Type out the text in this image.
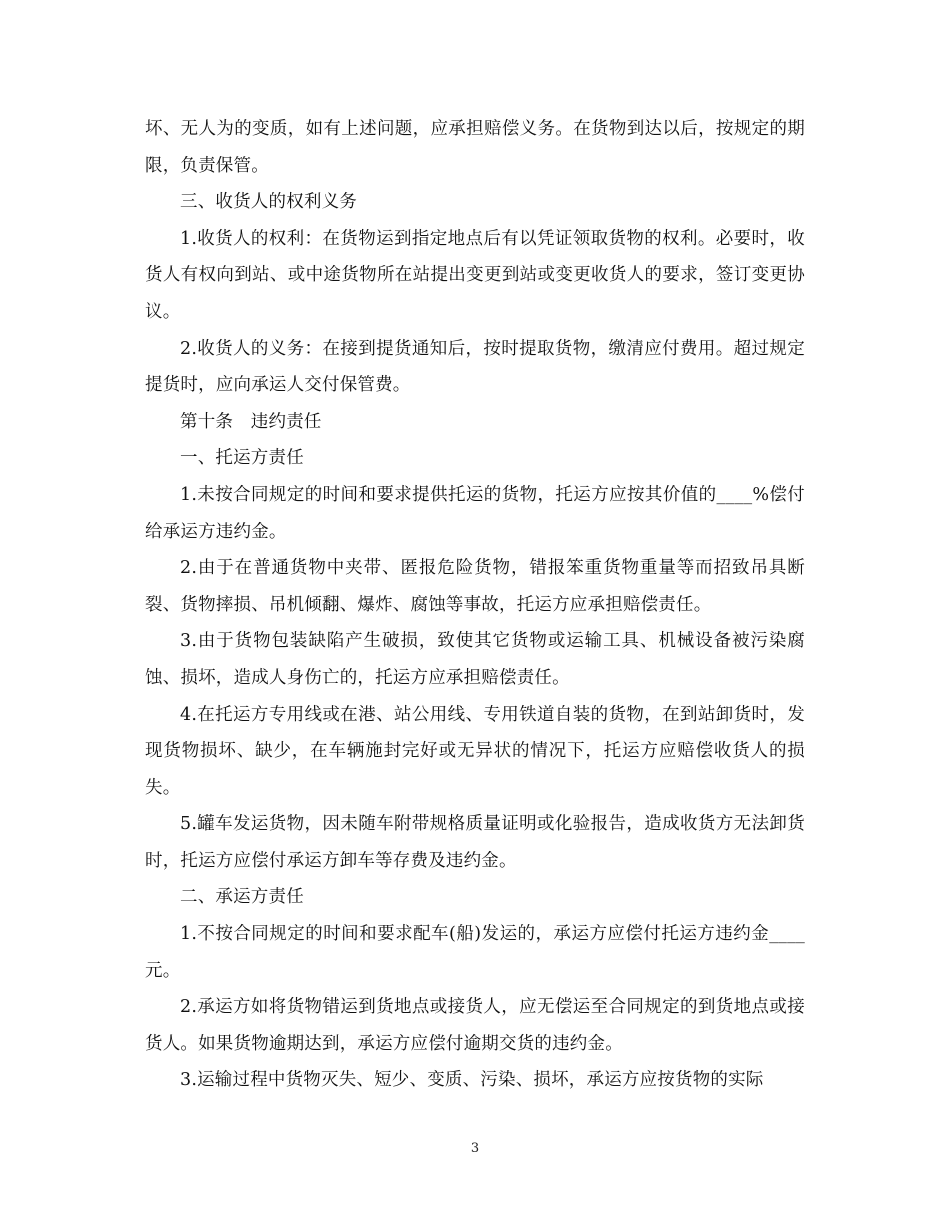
坏、无人为的变质，如有上述问题，应承担赔偿义务。在货物到达以后，按规定的期限，负责保管。

三、收货人的权利义务

1.收货人的权利：在货物运到指定地点后有以凭证领取货物的权利。必要时，收货人有权向到站、或中途货物所在站提出变更到站或变更收货人的要求，签订变更协议。

2.收货人的义务：在接到提货通知后，按时提取货物，缴清应付费用。超过规定提货时，应向承运人交付保管费。

第十条　违约责任

一、托运方责任

1.未按合同规定的时间和要求提供托运的货物，托运方应按其价值的____%偿付给承运方违约金。

2.由于在普通货物中夹带、匿报危险货物，错报笨重货物重量等而招致吊具断裂、货物摔损、吊机倾翻、爆炸、腐蚀等事故，托运方应承担赔偿责任。

3.由于货物包装缺陷产生破损，致使其它货物或运输工具、机械设备被污染腐蚀、损坏，造成人身伤亡的，托运方应承担赔偿责任。

4.在托运方专用线或在港、站公用线、专用铁道自装的货物，在到站卸货时，发现货物损坏、缺少，在车辆施封完好或无异状的情况下，托运方应赔偿收货人的损失。

5.罐车发运货物，因未随车附带规格质量证明或化验报告，造成收货方无法卸货时，托运方应偿付承运方卸车等存费及违约金。

二、承运方责任

1.不按合同规定的时间和要求配车(船)发运的，承运方应偿付托运方违约金____元。

2.承运方如将货物错运到货地点或接货人，应无偿运至合同规定的到货地点或接货人。如果货物逾期达到，承运方应偿付逾期交货的违约金。

3.运输过程中货物灭失、短少、变质、污染、损坏，承运方应按货物的实际

3
